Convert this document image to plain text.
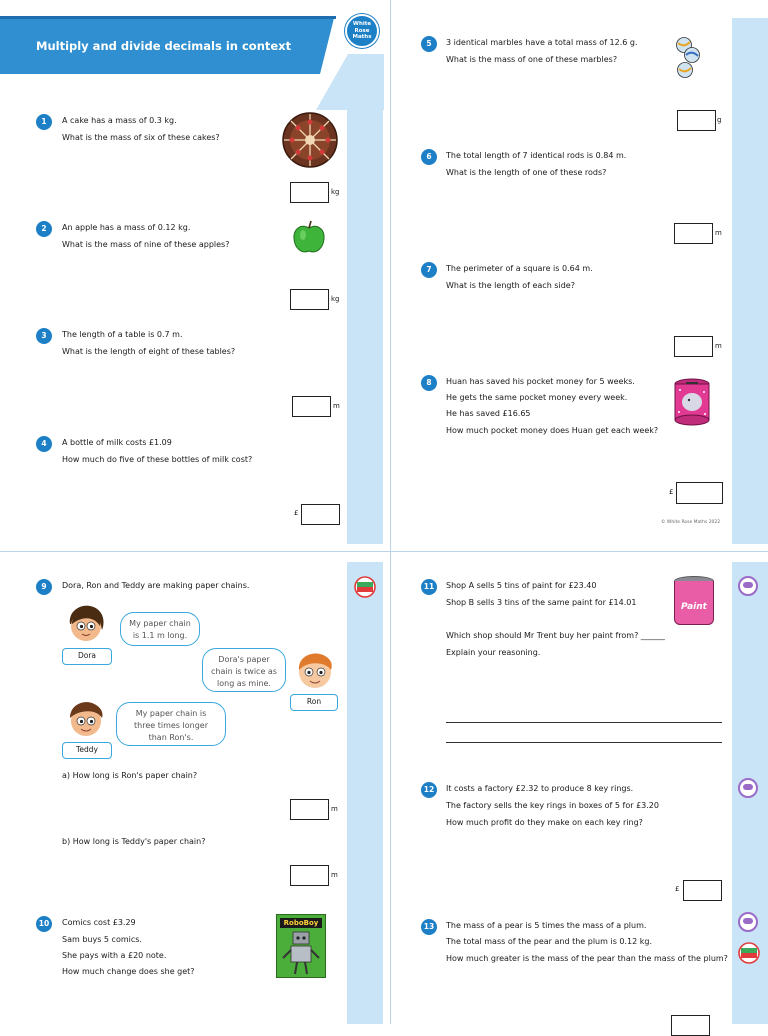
Multiply and divide decimals in context
White
Rose
Maths
1	A cake has a mass of 0.3 kg.
What is the mass of six of these cakes?
kg
2	An apple has a mass of 0.12 kg.
What is the mass of nine of these apples?
kg
3	The length of a table is 0.7 m.
What is the length of eight of these tables?
m
4	A bottle of milk costs £1.09
How much do five of these bottles of milk cost?
£
5	3 identical marbles have a total mass of 12.6 g.
What is the mass of one of these marbles?
g
6	The total length of 7 identical rods is 0.84 m.
What is the length of one of these rods?
m
7	The perimeter of a square is 0.64 m.
What is the length of each side?
m
8	Huan has saved his pocket money for 5 weeks.
He gets the same pocket money every week.
He has saved £16.65
How much pocket money does Huan get each week?
£
© White Rose Maths 2022
9	Dora, Ron and Teddy are making paper chains.
Dora
My paper chain is 1.1 m long.
Ron
Dora's paper chain is twice as long as mine.
Teddy
My paper chain is three times longer than Ron's.
a) How long is Ron's paper chain?
m
b) How long is Teddy's paper chain?
m
10	Comics cost £3.29
Sam buys 5 comics.
She pays with a £20 note.
How much change does she get?
RoboBoy
11	Shop A sells 5 tins of paint for £23.40
Shop B sells 3 tins of the same paint for £14.01
Which shop should Mr Trent buy her paint from? ______
Explain your reasoning.
Paint
12	It costs a factory £2.32 to produce 8 key rings.
The factory sells the key rings in boxes of 5 for £3.20
How much profit do they make on each key ring?
£
13	The mass of a pear is 5 times the mass of a plum.
The total mass of the pear and the plum is 0.12 kg.
How much greater is the mass of the pear than the mass of the plum?
